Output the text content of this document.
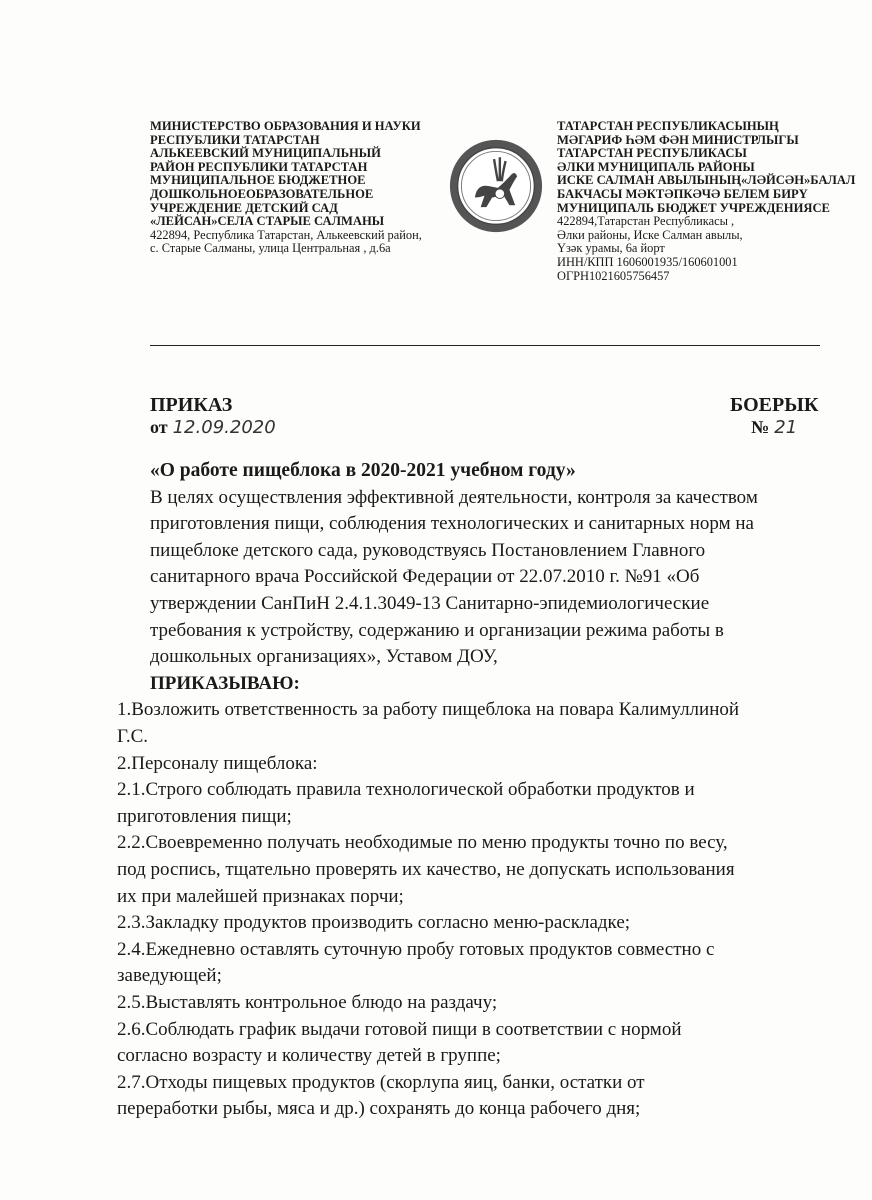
МИНИСТЕРСТВО ОБРАЗОВАНИЯ И НАУКИ
РЕСПУБЛИКИ ТАТАРСТАН
АЛЬКЕЕВСКИЙ МУНИЦИПАЛЬНЫЙ
РАЙОН РЕСПУБЛИКИ ТАТАРСТАН
МУНИЦИПАЛЬНОЕ БЮДЖЕТНОЕ
ДОШКОЛЬНОЕОБРАЗОВАТЕЛЬНОЕ
УЧРЕЖДЕНИЕ ДЕТСКИЙ САД
«ЛЕЙСАН»СЕЛА СТАРЫЕ САЛМАНЫ
422894, Республика Татарстан, Алькеевский район,
с. Старые Салманы, улица Центральная , д.6а
ТАТАРСТАН РЕСПУБЛИКАСЫНЫҢ
МӘГАРИФ ҺӘМ ФӘН МИНИСТРЛЫГЫ
ТАТАРСТАН РЕСПУБЛИКАСЫ
ӘЛКИ МУНИЦИПАЛЬ РАЙОНЫ
ИСКЕ САЛМАН АВЫЛЫНЫҢ«ЛӘЙСӘН»БАЛАЛ
БАКЧАСЫ МӘКТӘПКӘЧӘ БЕЛЕМ БИРҮ
МУНИЦИПАЛЬ БЮДЖЕТ УЧРЕЖДЕНИЯСЕ
422894,Татарстан Республикасы ,
Әлки районы, Иске Салман авылы,
Үзәк урамы, 6а йорт
ИНН/КПП 1606001935/160601001
ОГРН1021605756457
ПРИКАЗ
от 12.09.2020
БОЕРЫК
№ 21
«О работе пищеблока в 2020-2021 учебном году»
В целях осуществления эффективной деятельности, контроля за качеством
приготовления пищи, соблюдения технологических и санитарных норм на
пищеблоке детского сада, руководствуясь Постановлением Главного
санитарного врача Российской Федерации от 22.07.2010 г. №91 «Об
утверждении СанПиН 2.4.1.3049-13 Санитарно-эпидемиологические
требования к устройству, содержанию и организации режима работы в
дошкольных организациях», Уставом ДОУ,
ПРИКАЗЫВАЮ:
1.Возложить ответственность за работу пищеблока на повара Калимуллиной
Г.С.
2.Персоналу пищеблока:
2.1.Строго соблюдать правила технологической обработки продуктов и
приготовления пищи;
2.2.Своевременно получать необходимые по меню продукты точно по весу,
под роспись, тщательно проверять их качество, не допускать использования
их при малейшей признаках порчи;
2.3.Закладку продуктов производить согласно меню-раскладке;
2.4.Ежедневно оставлять суточную пробу готовых продуктов совместно с
заведующей;
2.5.Выставлять контрольное блюдо на раздачу;
2.6.Соблюдать график выдачи готовой пищи в соответствии с нормой
согласно возрасту и количеству детей в группе;
2.7.Отходы пищевых продуктов (скорлупа яиц, банки, остатки от
переработки рыбы, мяса и др.) сохранять до конца рабочего дня;
